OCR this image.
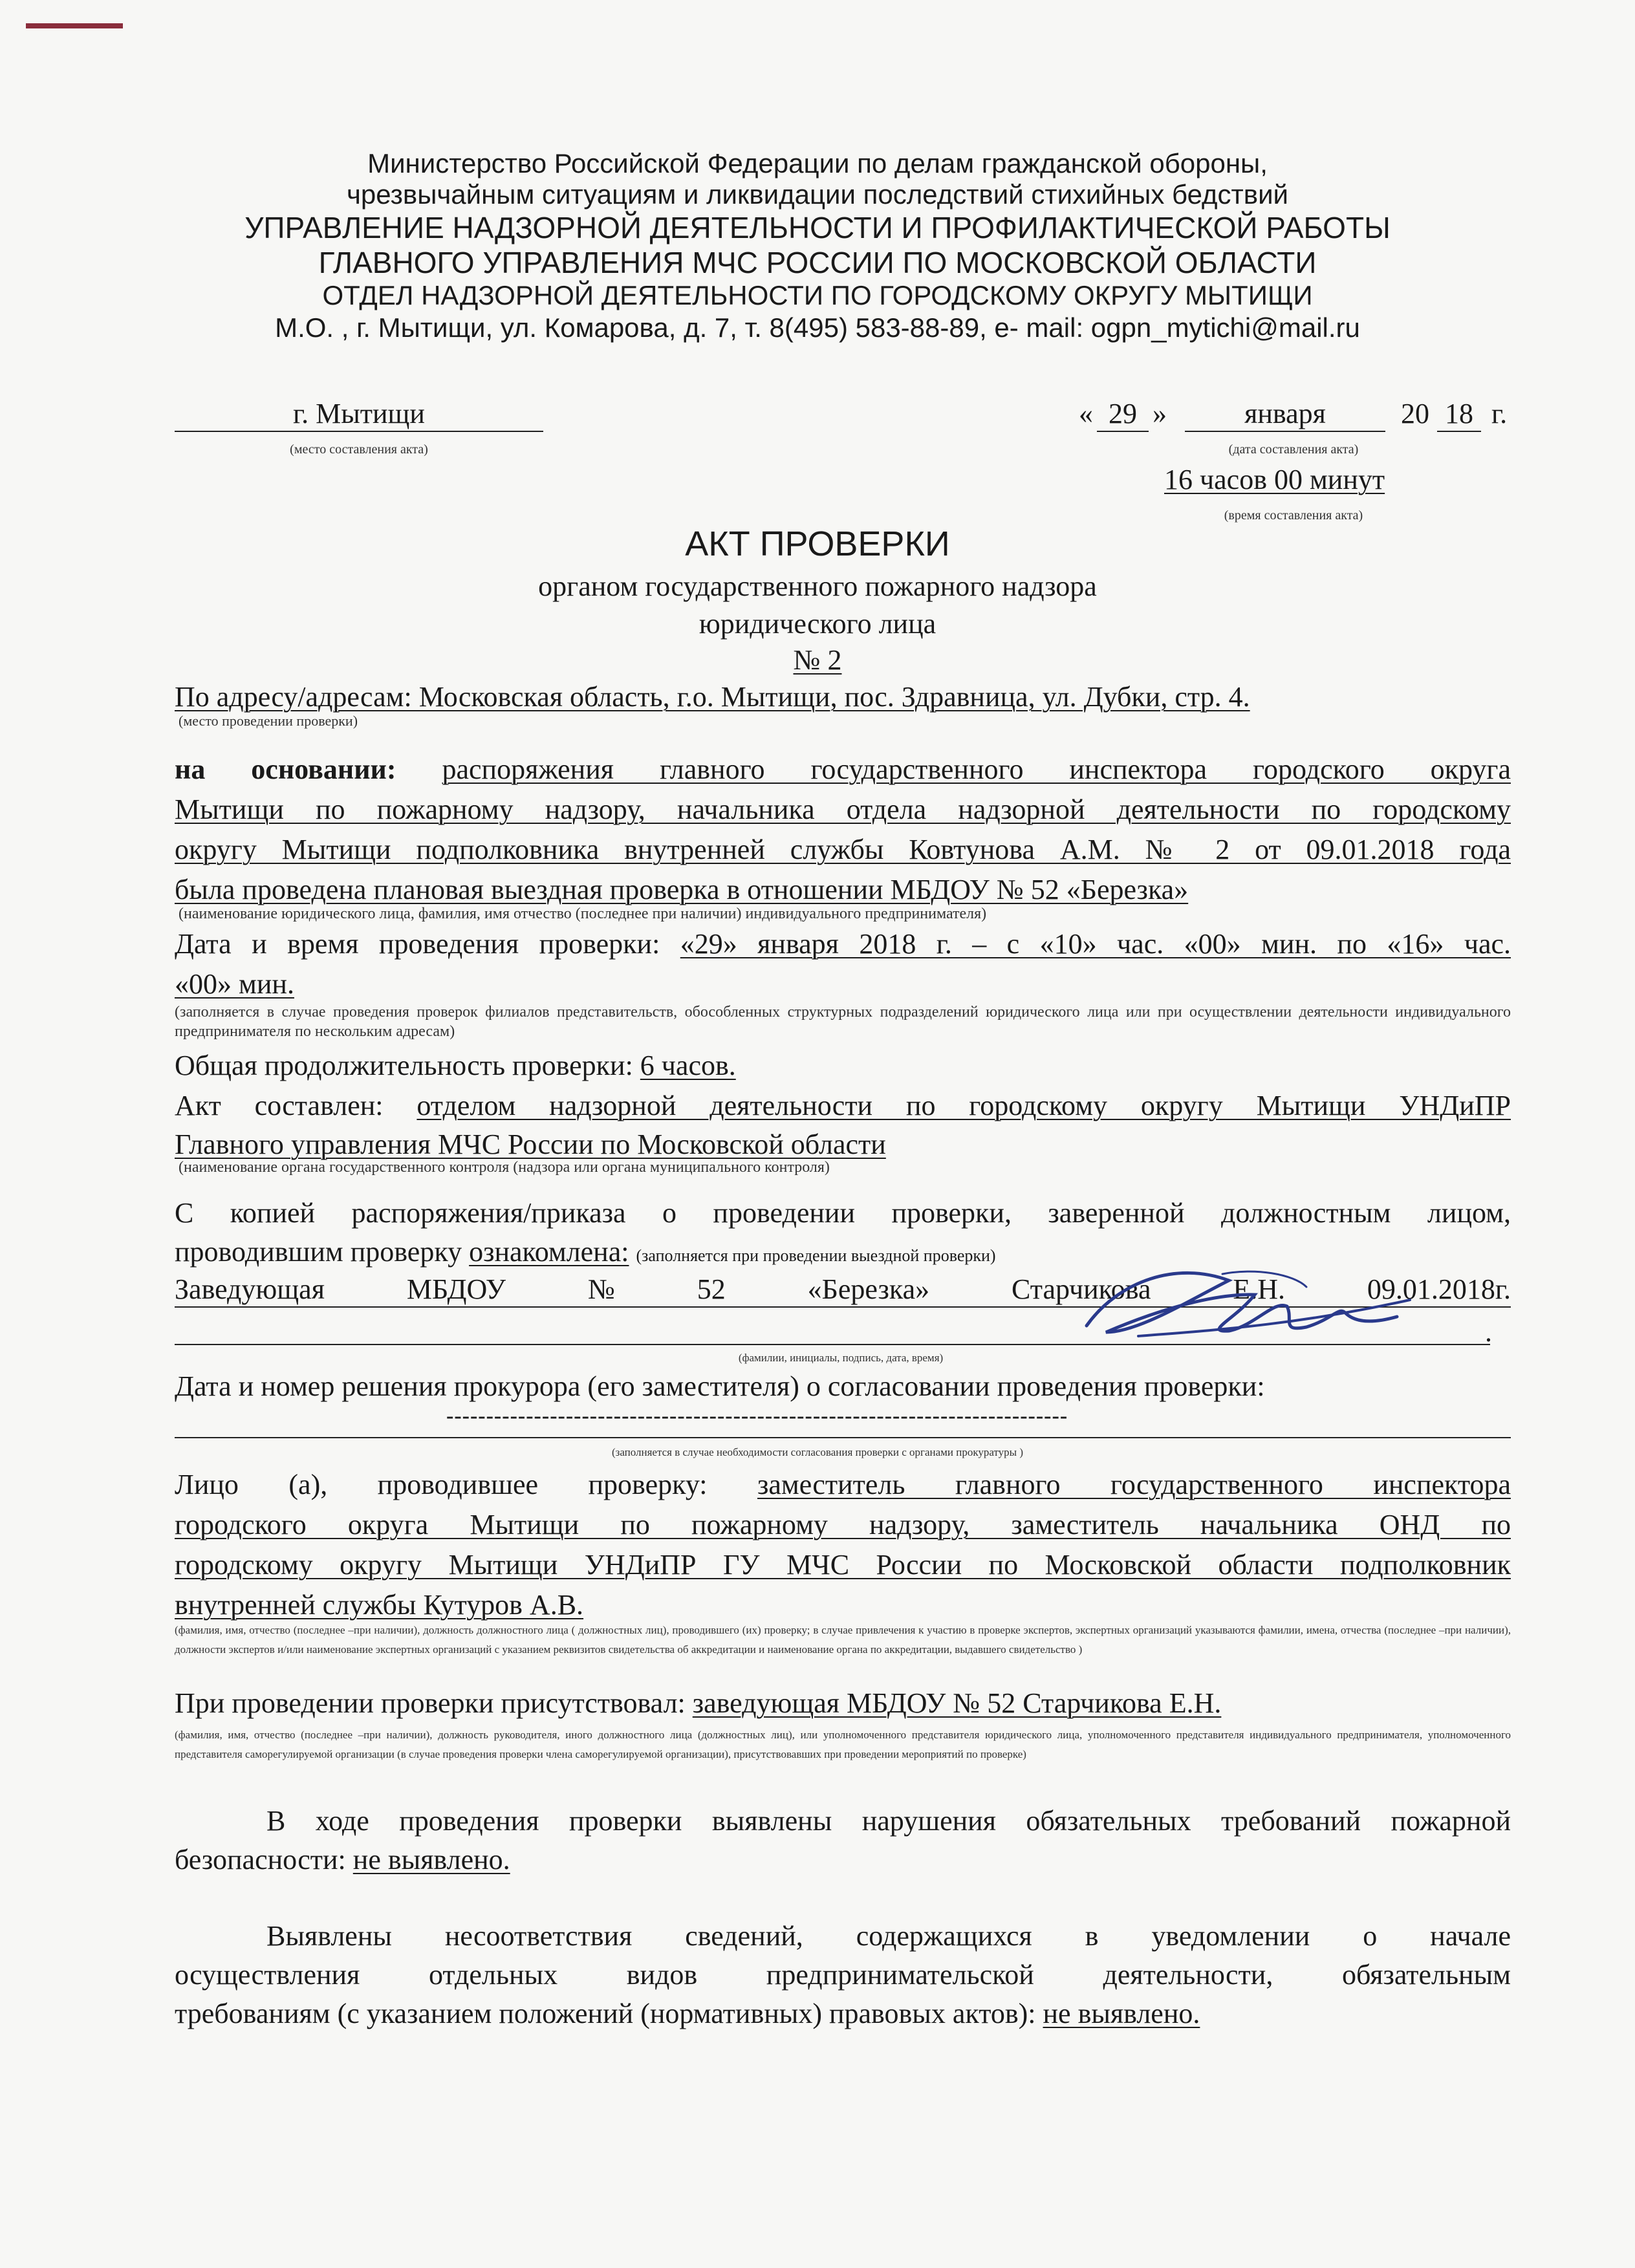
Министерство Российской Федерации по делам гражданской обороны,
чрезвычайным ситуациям и ликвидации последствий стихийных бедствий
УПРАВЛЕНИЕ НАДЗОРНОЙ ДЕЯТЕЛЬНОСТИ И ПРОФИЛАКТИЧЕСКОЙ РАБОТЫ
ГЛАВНОГО УПРАВЛЕНИЯ МЧС РОССИИ ПО МОСКОВСКОЙ ОБЛАСТИ
ОТДЕЛ НАДЗОРНОЙ ДЕЯТЕЛЬНОСТИ ПО ГОРОДСКОМУ ОКРУГУ МЫТИЩИ
М.О. , г. Мытищи, ул. Комарова, д. 7, т. 8(495) 583-88-89, е- mail: ogpn_mytichi@mail.ru
г. Мытищи
(место составления акта)
« 29 »	января	20 18 г.
(дата составления акта)
16 часов 00 минут
(время составления акта)
АКТ ПРОВЕРКИ
органом государственного пожарного надзора
юридического лица
№ 2
По адресу/адресам: Московская область, г.о. Мытищи, пос. Здравница, ул. Дубки, стр. 4.
(место проведении проверки)
на основании: распоряжения главного государственного инспектора городского округа
Мытищи по пожарному надзору, начальника отдела надзорной деятельности по городскому
округу Мытищи подполковника внутренней службы Ковтунова А.М. № 2 от 09.01.2018 года
была проведена плановая выездная проверка в отношении МБДОУ № 52 «Березка»
(наименование юридического лица, фамилия, имя отчество (последнее при наличии) индивидуального предпринимателя)
Дата и время проведения проверки: «29» января 2018 г. – с «10» час. «00» мин. по «16» час.
«00» мин.
(заполняется в случае проведения проверок филиалов представительств, обособленных структурных подразделений юридического лица или при осуществлении деятельности индивидуального предпринимателя по нескольким адресам)
Общая продолжительность проверки: 6 часов.
Акт составлен: отделом надзорной деятельности по городскому округу Мытищи УНДиПР
Главного управления МЧС России по Московской области
(наименование органа государственного контроля (надзора или органа муниципального контроля)
С копией распоряжения/приказа о проведении проверки, заверенной должностным лицом,
проводившим проверку ознакомлена: (заполняется при проведении выездной проверки)
Заведующая	МБДОУ	№	52	«Березка»	Старчикова	Е.Н.	09.01.2018г.
.
(фамилии, инициалы, подпись, дата, время)
Дата и номер решения прокурора (его заместителя) о согласовании проведения проверки:
------------------------------------------------------------------------------
(заполняется в случае необходимости согласования проверки с органами прокуратуры )
Лицо (а), проводившее проверку: заместитель главного государственного инспектора
городского округа Мытищи по пожарному надзору, заместитель начальника ОНД по
городскому округу Мытищи УНДиПР ГУ МЧС России по Московской области подполковник
внутренней службы Кутуров А.В.
(фамилия, имя, отчество (последнее –при наличии), должность должностного лица ( должностных лиц), проводившего (их) проверку; в случае привлечения к участию в проверке экспертов, экспертных организаций указываются фамилии, имена, отчества (последнее –при наличии), должности экспертов и/или наименование экспертных организаций с указанием реквизитов свидетельства об аккредитации и наименование органа по аккредитации, выдавшего свидетельство )
При проведении проверки присутствовал: заведующая МБДОУ № 52 Старчикова Е.Н.
(фамилия, имя, отчество (последнее –при наличии), должность руководителя, иного должностного лица (должностных лиц), или уполномоченного представителя юридического лица, уполномоченного представителя индивидуального предпринимателя, уполномоченного представителя саморегулируемой организации (в случае проведения проверки члена саморегулируемой организации), присутствовавших при проведении мероприятий по проверке)
В ходе проведения проверки выявлены нарушения обязательных требований пожарной
безопасности: не выявлено.
Выявлены несоответствия сведений, содержащихся в уведомлении о начале
осуществления отдельных видов предпринимательской деятельности, обязательным
требованиям (с указанием положений (нормативных) правовых актов): не выявлено.
